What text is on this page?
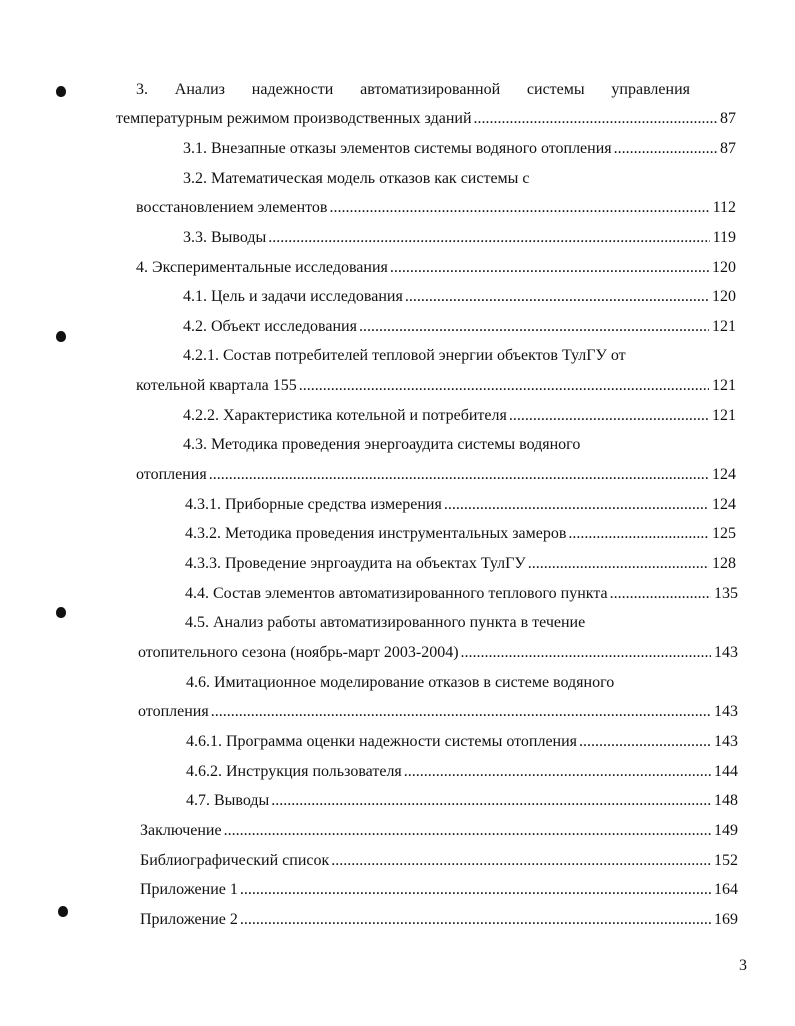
3. Анализ надежности автоматизированной системы управления
температурным режимом производственных зданий .....	87
3.1. Внезапные отказы элементов системы водяного отопления .....	87
3.2. Математическая модель отказов как системы с
восстановлением элементов .....	112
3.3. Выводы .....	119
4. Экспериментальные исследования .....	120
4.1. Цель и задачи исследования .....	120
4.2. Объект исследования .....	121
4.2.1. Состав потребителей тепловой энергии объектов ТулГУ от
котельной квартала 155 .....	121
4.2.2. Характеристика котельной и потребителя .....	121
4.3. Методика проведения энергоаудита системы водяного
отопления .....	124
4.3.1. Приборные средства измерения .....	124
4.3.2. Методика проведения инструментальных замеров .....	125
4.3.3. Проведение энргоаудита на объектах ТулГУ .....	128
4.4. Состав элементов автоматизированного теплового пункта .....	135
4.5. Анализ работы автоматизированного пункта в течение
отопительного сезона (ноябрь-март 2003-2004) .....	143
4.6. Имитационное моделирование отказов в системе водяного
отопления .....	143
4.6.1. Программа оценки надежности системы отопления .....	143
4.6.2. Инструкция пользователя .....	144
4.7. Выводы .....	148
Заключение .....	149
Библиографический список .....	152
Приложение 1 .....	164
Приложение 2 .....	169
3
